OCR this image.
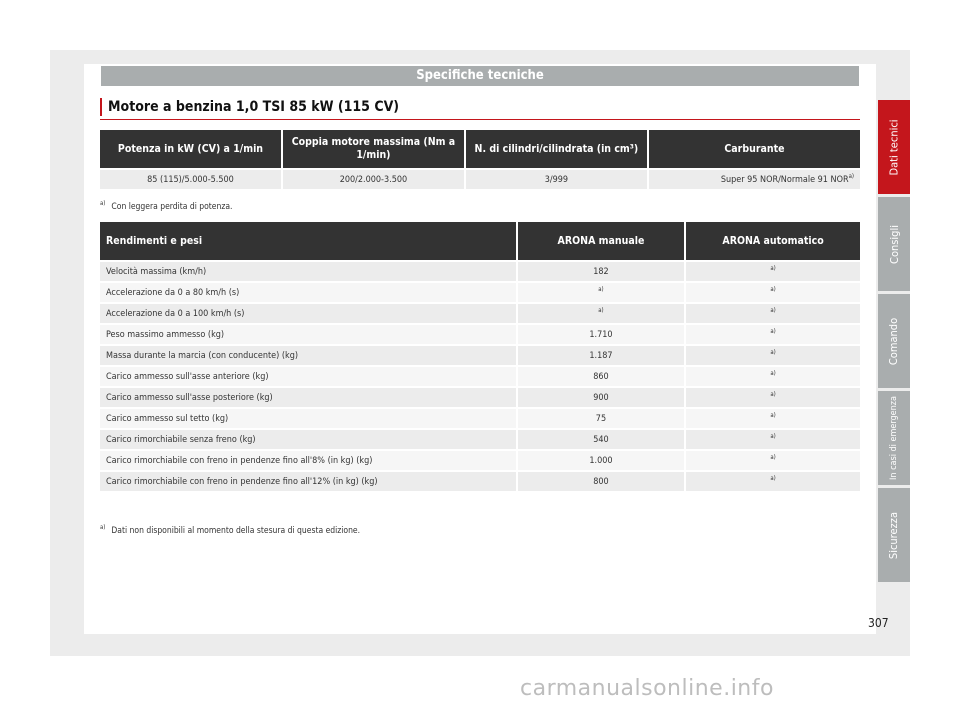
Specifiche tecniche
Motore a benzina 1,0 TSI 85 kW (115 CV)
Potenza in kW (CV) a 1/min	Coppia motore massima (Nm a 1/min)	N. di cilindri/cilindrata (in cm³)	Carburante
85 (115)/5.000-5.500	200/2.000-3.500	3/999	Super 95 NOR/Normale 91 NOR$^{a)}$
$^{a)}$ Con leggera perdita di potenza.
Rendimenti e pesi	ARONA manuale	ARONA automatico
Velocità massima (km/h)	182	$^{a)}$
Accelerazione da 0 a 80 km/h (s)	$^{a)}$	$^{a)}$
Accelerazione da 0 a 100 km/h (s)	$^{a)}$	$^{a)}$
Peso massimo ammesso (kg)	1.710	$^{a)}$
Massa durante la marcia (con conducente) (kg)	1.187	$^{a)}$
Carico ammesso sull'asse anteriore (kg)	860	$^{a)}$
Carico ammesso sull'asse posteriore (kg)	900	$^{a)}$
Carico ammesso sul tetto (kg)	75	$^{a)}$
Carico rimorchiabile senza freno (kg)	540	$^{a)}$
Carico rimorchiabile con freno in pendenze fino all'8% (in kg) (kg)	1.000	$^{a)}$
Carico rimorchiabile con freno in pendenze fino all'12% (in kg) (kg)	800	$^{a)}$
$^{a)}$ Dati non disponibili al momento della stesura di questa edizione.
Dati tecnici
Consigli
Comando
In casi di emergenza
Sicurezza
307
carmanualsonline.info
